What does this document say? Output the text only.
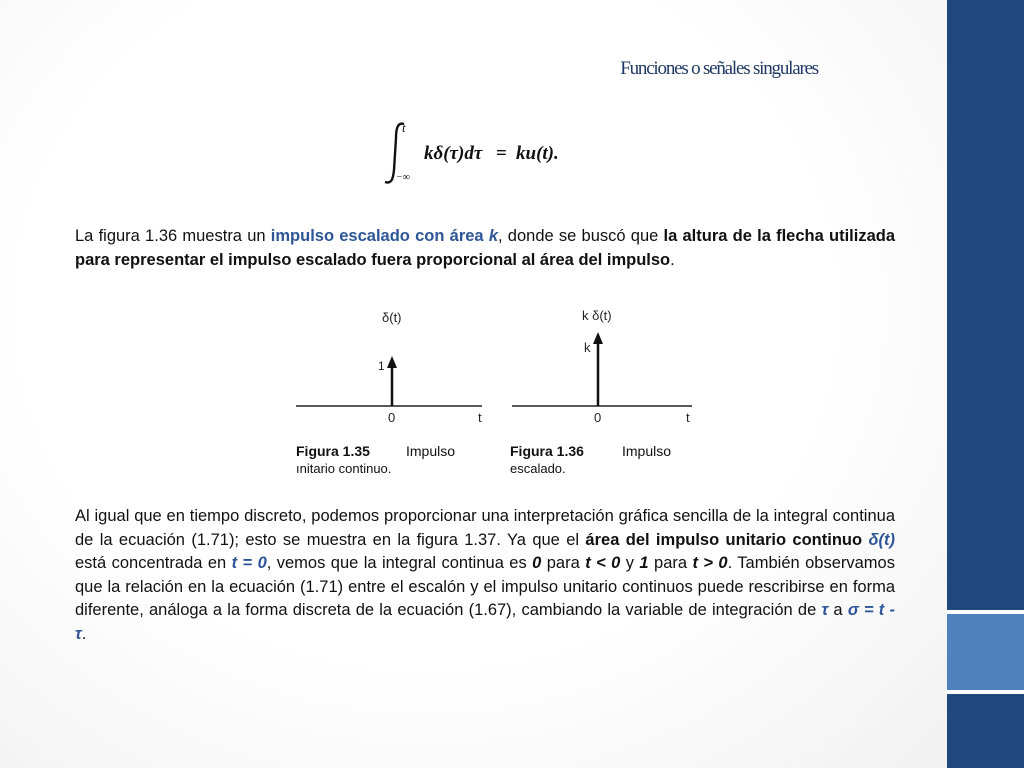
Funciones o señales singulares
t
−∞
kδ(τ)dτ = ku(t).
La figura 1.36 muestra un impulso escalado con área k, donde se buscó que la altura de la flecha utilizada para representar el impulso escalado fuera proporcional al área del impulso.
δ(t)
1
0	t
Figura 1.35	Impulso
ınitario continuo.
k δ(t)
k
0	t
Figura 1.36	Impulso
escalado.
Al igual que en tiempo discreto, podemos proporcionar una interpretación gráfica sencilla de la integral continua de la ecuación (1.71); esto se muestra en la figura 1.37. Ya que el área del impulso unitario continuo δ(t) está concentrada en t = 0, vemos que la integral continua es 0 para t < 0 y 1 para t > 0. También observamos que la relación en la ecuación (1.71) entre el escalón y el impulso unitario continuos puede rescribirse en forma diferente, análoga a la forma discreta de la ecuación (1.67), cambiando la variable de integración de τ a σ = t - τ.
